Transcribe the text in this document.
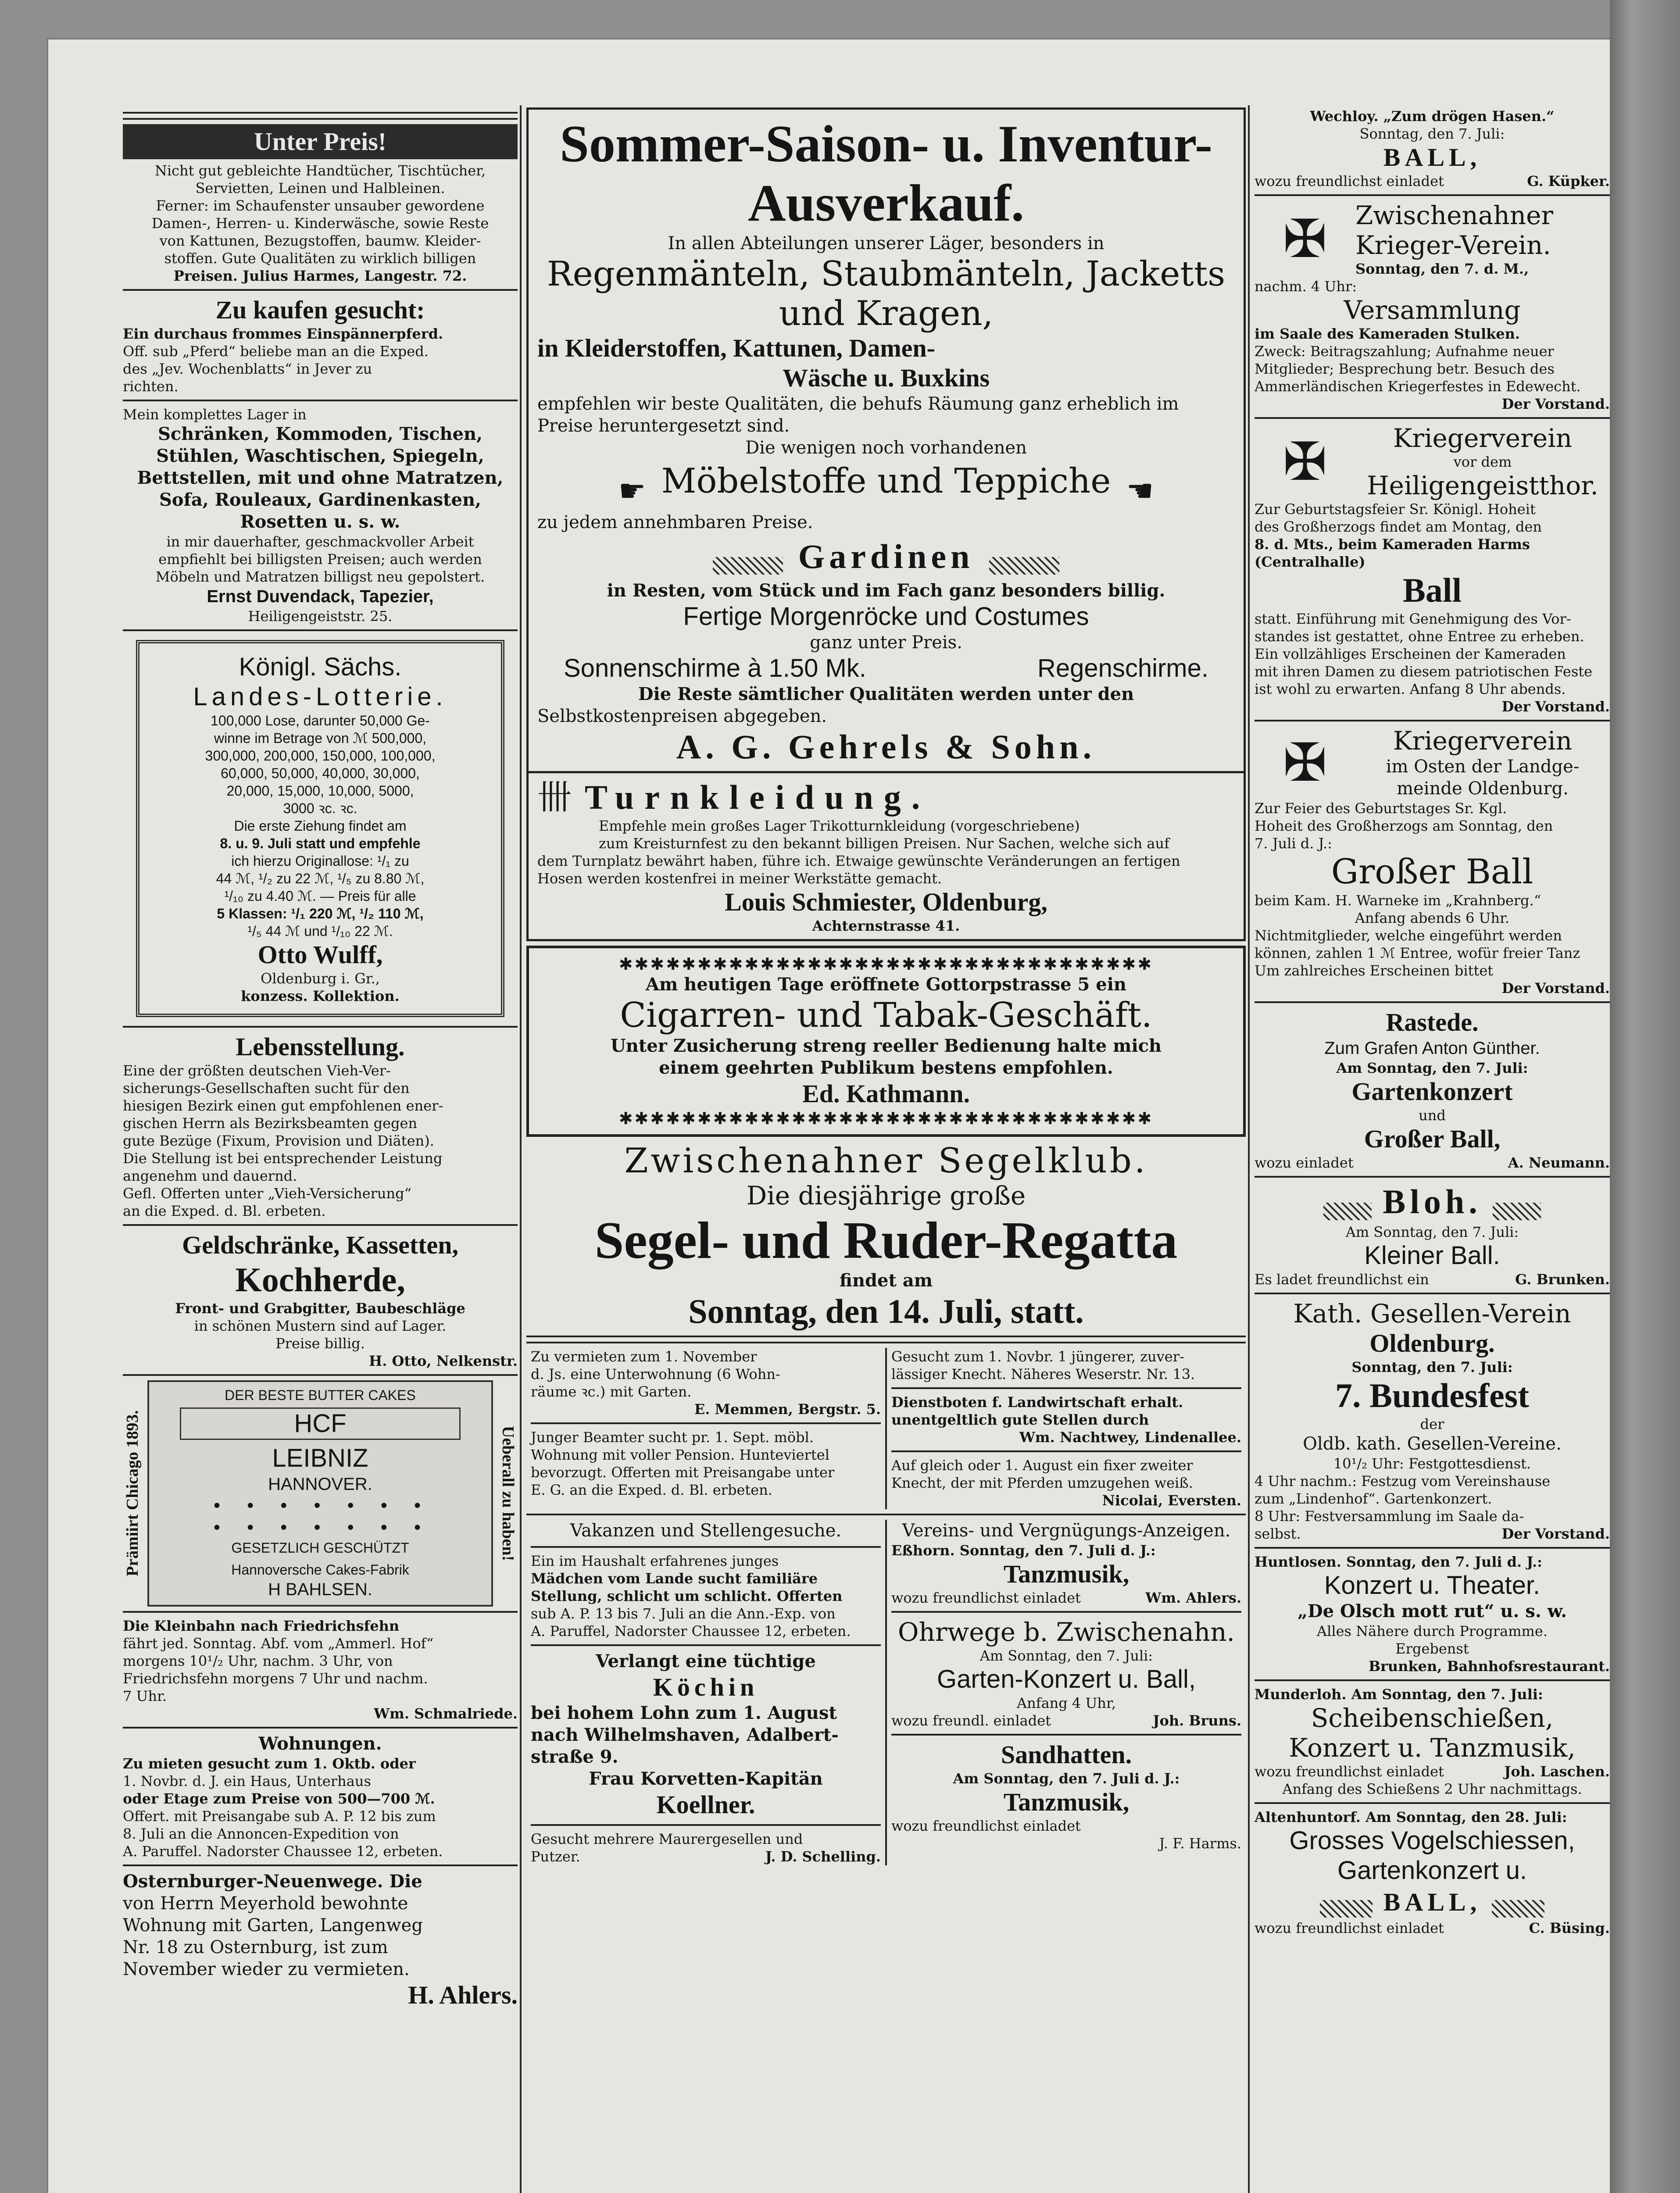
Unter Preis!
Nicht gut gebleichte Handtücher, Tischtücher,
Servietten, Leinen und Halbleinen.
Ferner: im Schaufenster unsauber gewordene
Damen-, Herren- u. Kinderwäsche, sowie Reste
von Kattunen, Bezugstoffen, baumw. Kleider-
stoffen. Gute Qualitäten zu wirklich billigen
Preisen. Julius Harmes, Langestr. 72.
Zu kaufen gesucht:
Ein durchaus frommes Einspännerpferd.
Off. sub „Pferd“ beliebe man an die Exped.
des „Jev. Wochenblatts“ in Jever zu
richten.
Mein komplettes Lager in
Schränken, Kommoden, Tischen,
Stühlen, Waschtischen, Spiegeln,
Bettstellen, mit und ohne Matratzen,
Sofa, Rouleaux, Gardinenkasten,
Rosetten u. s. w.
in mir dauerhafter, geschmackvoller Arbeit
empfiehlt bei billigsten Preisen; auch werden
Möbeln und Matratzen billigst neu gepolstert.
Ernst Duvendack, Tapezier,
Heiligengeiststr. 25.
Königl. Sächs.
Landes-Lotterie.
100,000 Lose, darunter 50,000 Ge-
winne im Betrage von ℳ 500,000,
300,000, 200,000, 150,000, 100,000,
60,000, 50,000, 40,000, 30,000,
20,000, 15,000, 10,000, 5000,
3000 ꝛc. ꝛc.
Die erste Ziehung findet am
8. u. 9. Juli statt und empfehle
ich hierzu Originallose: ¹/₁ zu
44 ℳ, ¹/₂ zu 22 ℳ, ¹/₅ zu 8.80 ℳ,
¹/₁₀ zu 4.40 ℳ. — Preis für alle
5 Klassen: ¹/₁ 220 ℳ, ¹/₂ 110 ℳ,
¹/₅ 44 ℳ und ¹/₁₀ 22 ℳ.
Otto Wulff,
Oldenburg i. Gr.,
konzess. Kollektion.
Lebensstellung.
Eine der größten deutschen Vieh-Ver-
sicherungs-Gesellschaften sucht für den
hiesigen Bezirk einen gut empfohlenen ener-
gischen Herrn als Bezirksbeamten gegen
gute Bezüge (Fixum, Provision und Diäten).
Die Stellung ist bei entsprechender Leistung
angenehm und dauernd.
Gefl. Offerten unter „Vieh-Versicherung“
an die Exped. d. Bl. erbeten.
Geldschränke, Kassetten,
Kochherde,
Front- und Grabgitter, Baubeschläge
in schönen Mustern sind auf Lager.
Preise billig.
H. Otto, Nelkenstr.
Prämiirt Chicago 1893.
DER BESTE BUTTER CAKES
HCF
LEIBNIZ
HANNOVER.
• • • • • • •
• • • • • • •
GESETZLICH GESCHÜTZT
Hannoversche Cakes-Fabrik
H BAHLSEN.
Ueberall zu haben!
Die Kleinbahn nach Friedrichsfehn
fährt jed. Sonntag. Abf. vom „Ammerl. Hof“
morgens 10¹/₂ Uhr, nachm. 3 Uhr, von
Friedrichsfehn morgens 7 Uhr und nachm.
7 Uhr.
Wm. Schmalriede.
Wohnungen.
Zu mieten gesucht zum 1. Oktb. oder
1. Novbr. d. J. ein Haus, Unterhaus
oder Etage zum Preise von 500—700 ℳ.
Offert. mit Preisangabe sub A. P. 12 bis zum
8. Juli an die Annoncen-Expedition von
A. Paruffel. Nadorster Chaussee 12, erbeten.
Osternburger-Neuenwege. Die
von Herrn Meyerhold bewohnte
Wohnung mit Garten, Langenweg
Nr. 18 zu Osternburg, ist zum
November wieder zu vermieten.
H. Ahlers.
Sommer-Saison- u. Inventur-
Ausverkauf.
In allen Abteilungen unserer Läger, besonders in
Regenmänteln, Staubmänteln, Jacketts
und Kragen,
in Kleiderstoffen, Kattunen, Damen-
Wäsche u. Buxkins
empfehlen wir beste Qualitäten, die behufs Räumung ganz erheblich im
Preise heruntergesetzt sind.
Die wenigen noch vorhandenen
☛ Möbelstoffe und Teppiche ☚
zu jedem annehmbaren Preise.
Gardinen
in Resten, vom Stück und im Fach ganz besonders billig.
Fertige Morgenröcke und Costumes
ganz unter Preis.
Sonnenschirme à 1.50 Mk.	Regenschirme.
Die Reste sämtlicher Qualitäten werden unter den
Selbstkostenpreisen abgegeben.
A. G. Gehrels & Sohn.
卌 Turnkleidung.
Empfehle mein großes Lager Trikotturnkleidung (vorgeschriebene)
zum Kreisturnfest zu den bekannt billigen Preisen. Nur Sachen, welche sich auf
dem Turnplatz bewährt haben, führe ich. Etwaige gewünschte Veränderungen an fertigen
Hosen werden kostenfrei in meiner Werkstätte gemacht.
Louis Schmiester, Oldenburg,
Achternstrasse 41.
✱✱✱✱✱✱✱✱✱✱✱✱✱✱✱✱✱✱✱✱✱✱✱✱✱✱✱✱✱✱✱✱✱✱
Am heutigen Tage eröffnete Gottorpstrasse 5 ein
Cigarren- und Tabak-Geschäft.
Unter Zusicherung streng reeller Bedienung halte mich
einem geehrten Publikum bestens empfohlen.
Ed. Kathmann.
✱✱✱✱✱✱✱✱✱✱✱✱✱✱✱✱✱✱✱✱✱✱✱✱✱✱✱✱✱✱✱✱✱✱
Zwischenahner Segelklub.
Die diesjährige große
Segel- und Ruder-Regatta
findet am
Sonntag, den 14. Juli, statt.
Zu vermieten zum 1. November
d. Js. eine Unterwohnung (6 Wohn-
räume ꝛc.) mit Garten.
E. Memmen, Bergstr. 5.
Junger Beamter sucht pr. 1. Sept. möbl.
Wohnung mit voller Pension. Hunteviertel
bevorzugt. Offerten mit Preisangabe unter
E. G. an die Exped. d. Bl. erbeten.
Gesucht zum 1. Novbr. 1 jüngerer, zuver-
lässiger Knecht. Näheres Weserstr. Nr. 13.
Dienstboten f. Landwirtschaft erhalt.
unentgeltlich gute Stellen durch
Wm. Nachtwey, Lindenallee.
Auf gleich oder 1. August ein fixer zweiter
Knecht, der mit Pferden umzugehen weiß.
Nicolai, Eversten.
Vakanzen und Stellengesuche.
Ein im Haushalt erfahrenes junges
Mädchen vom Lande sucht familiäre
Stellung, schlicht um schlicht. Offerten
sub A. P. 13 bis 7. Juli an die Ann.-Exp. von
A. Paruffel, Nadorster Chaussee 12, erbeten.
Verlangt eine tüchtige
Köchin
bei hohem Lohn zum 1. August
nach Wilhelmshaven, Adalbert-
straße 9.
Frau Korvetten-Kapitän
Koellner.
Gesucht mehrere Maurergesellen und
Putzer.	J. D. Schelling.
Vereins- und Vergnügungs-Anzeigen.
Eßhorn. Sonntag, den 7. Juli d. J.:
Tanzmusik,
wozu freundlichst einladet	Wm. Ahlers.
Ohrwege b. Zwischenahn.
Am Sonntag, den 7. Juli:
Garten-Konzert u. Ball,
Anfang 4 Uhr,
wozu freundl. einladet	Joh. Bruns.
Sandhatten.
Am Sonntag, den 7. Juli d. J.:
Tanzmusik,
wozu freundlichst einladet
J. F. Harms.
Wechloy. „Zum drögen Hasen.“
Sonntag, den 7. Juli:
BALL,
wozu freundlichst einladet	G. Küpker.
✠	Zwischenahner
Krieger-Verein.
Sonntag, den 7. d. M.,
nachm. 4 Uhr:
Versammlung
im Saale des Kameraden Stulken.
Zweck: Beitragszahlung; Aufnahme neuer
Mitglieder; Besprechung betr. Besuch des
Ammerländischen Kriegerfestes in Edewecht.
Der Vorstand.
✠	Kriegerverein
vor dem
Heiligengeistthor.
Zur Geburtstagsfeier Sr. Königl. Hoheit
des Großherzogs findet am Montag, den
8. d. Mts., beim Kameraden Harms
(Centralhalle)
Ball
statt. Einführung mit Genehmigung des Vor-
standes ist gestattet, ohne Entree zu erheben.
Ein vollzähliges Erscheinen der Kameraden
mit ihren Damen zu diesem patriotischen Feste
ist wohl zu erwarten. Anfang 8 Uhr abends.
Der Vorstand.
✠	Kriegerverein
im Osten der Landge-
meinde Oldenburg.
Zur Feier des Geburtstages Sr. Kgl.
Hoheit des Großherzogs am Sonntag, den
7. Juli d. J.:
Großer Ball
beim Kam. H. Warneke im „Krahnberg.“
Anfang abends 6 Uhr.
Nichtmitglieder, welche eingeführt werden
können, zahlen 1 ℳ Entree, wofür freier Tanz
Um zahlreiches Erscheinen bittet
Der Vorstand.
Rastede.
Zum Grafen Anton Günther.
Am Sonntag, den 7. Juli:
Gartenkonzert
und
Großer Ball,
wozu einladet	A. Neumann.
Bloh.
Am Sonntag, den 7. Juli:
Kleiner Ball.
Es ladet freundlichst ein	G. Brunken.
Kath. Gesellen-Verein
Oldenburg.
Sonntag, den 7. Juli:
7. Bundesfest
der
Oldb. kath. Gesellen-Vereine.
10¹/₂ Uhr: Festgottesdienst.
4 Uhr nachm.: Festzug vom Vereinshause
zum „Lindenhof“. Gartenkonzert.
8 Uhr: Festversammlung im Saale da-
selbst.	Der Vorstand.
Huntlosen. Sonntag, den 7. Juli d. J.:
Konzert u. Theater.
„De Olsch mott rut“ u. s. w.
Alles Nähere durch Programme.
Ergebenst
Brunken, Bahnhofsrestaurant.
Munderloh. Am Sonntag, den 7. Juli:
Scheibenschießen,
Konzert u. Tanzmusik,
wozu freundlichst einladet	Joh. Laschen.
Anfang des Schießens 2 Uhr nachmittags.
Altenhuntorf. Am Sonntag, den 28. Juli:
Grosses Vogelschiessen,
Gartenkonzert u.
BALL,
wozu freundlichst einladet	C. Büsing.
